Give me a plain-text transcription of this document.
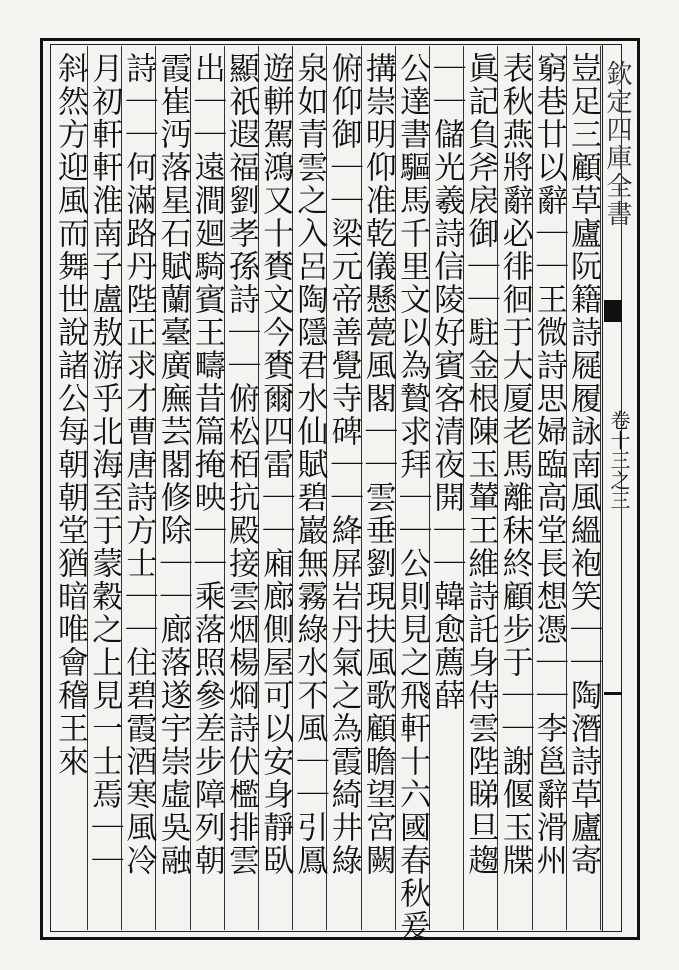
欽定四庫全書
卷十三之三
豈足三顧草廬阮籍詩屣履詠南風縕袍笑｜｜陶潛詩草廬寄
窮巷廿以辭｜｜王微詩思婦臨高堂長想憑｜｜李邕辭滑州
表秋燕將辭必徘徊于大厦老馬離秣終顧步于｜｜謝偃玉牒
眞記負斧扆御｜｜駐金根陳玉輦王維詩託身侍雲陛睇旦趨
｜｜儲光羲詩信陵好賓客清夜開｜｜韓愈薦薛
公達書驅馬千里文以為贄求拜｜｜公則見之飛軒十六國春秋爰
搆崇明仰准乾儀懸甍風閣｜｜雲垂劉現扶風歌顧瞻望宮闕
俯仰御｜｜梁元帝善覺寺碑｜｜絳屏岩丹氣之為霞綺井綠
泉如青雲之入呂陶隱君水仙賦碧巖無霧綠水不風｜｜引鳳
遊軿駕鴻又十賚文今賚爾四雷｜｜廂廊側屋可以安身靜臥
顯祇遐福劉孝孫詩｜｜俯松栢抗殿接雲烟楊烱詩伏檻排雲
出｜｜遠澗廻騎賓王疇昔篇掩映｜｜乘落照參差步障列朝
霞崔沔落星石賦蘭臺廣廡芸閣修除｜｜廊落遂宇崇虛吳融
詩｜｜何滿路丹陛正求才曹唐詩方士｜｜住碧霞酒寒風冷
月初軒軒淮南子盧敖游乎北海至于蒙穀之上見一士焉｜｜
斜然方迎風而舞世說諸公每朝朝堂猶暗唯會稽王來
